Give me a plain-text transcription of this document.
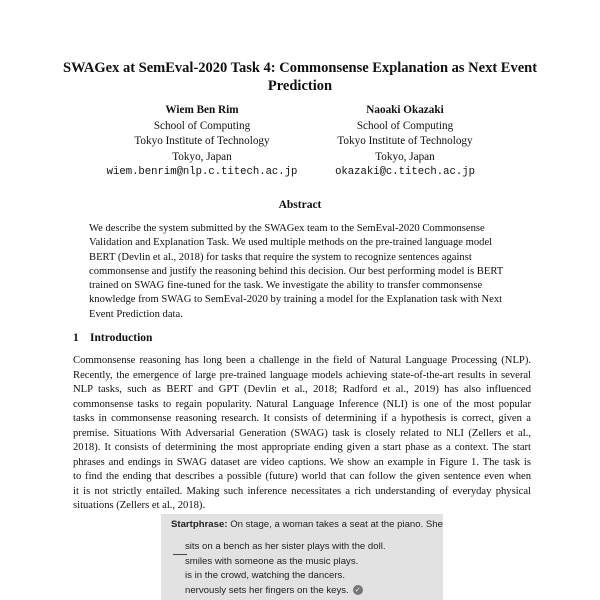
SWAGex at SemEval-2020 Task 4: Commonsense Explanation as Next Event Prediction
Wiem Ben Rim
School of Computing
Tokyo Institute of Technology
Tokyo, Japan
wiem.benrim@nlp.c.titech.ac.jp
Naoaki Okazaki
School of Computing
Tokyo Institute of Technology
Tokyo, Japan
okazaki@c.titech.ac.jp
Abstract
We describe the system submitted by the SWAGex team to the SemEval-2020 Commonsense
Validation and Explanation Task. We used multiple methods on the pre-trained language model
BERT (Devlin et al., 2018) for tasks that require the system to recognize sentences against
commonsense and justify the reasoning behind this decision. Our best performing model is BERT
trained on SWAG fine-tuned for the task. We investigate the ability to transfer commonsense
knowledge from SWAG to SemEval-2020 by training a model for the Explanation task with Next
Event Prediction data.
1 Introduction
Commonsense reasoning has long been a challenge in the field of Natural Language Processing (NLP).
Recently, the emergence of large pre-trained language models achieving state-of-the-art results in several
NLP tasks, such as BERT and GPT (Devlin et al., 2018; Radford et al., 2019) has also influenced
commonsense tasks to regain popularity. Natural Language Inference (NLI) is one of the most popular
tasks in commonsense reasoning research. It consists of determining if a hypothesis is correct, given a
premise. Situations With Adversarial Generation (SWAG) task is closely related to NLI (Zellers et al.,
2018). It consists of determining the most appropriate ending given a start phase as a context. The start
phrases and endings in SWAG dataset are video captions. We show an example in Figure 1. The task is
to find the ending that describes a possible (future) world that can follow the given sentence even when
it is not strictly entailed. Making such inference necessitates a rich understanding of everyday physical
situations (Zellers et al., 2018).
Startphrase: On stage, a woman takes a seat at the piano. She
sits on a bench as her sister plays with the doll.
smiles with someone as the music plays.
is in the crowd, watching the dancers.
nervously sets her fingers on the keys. ✓
